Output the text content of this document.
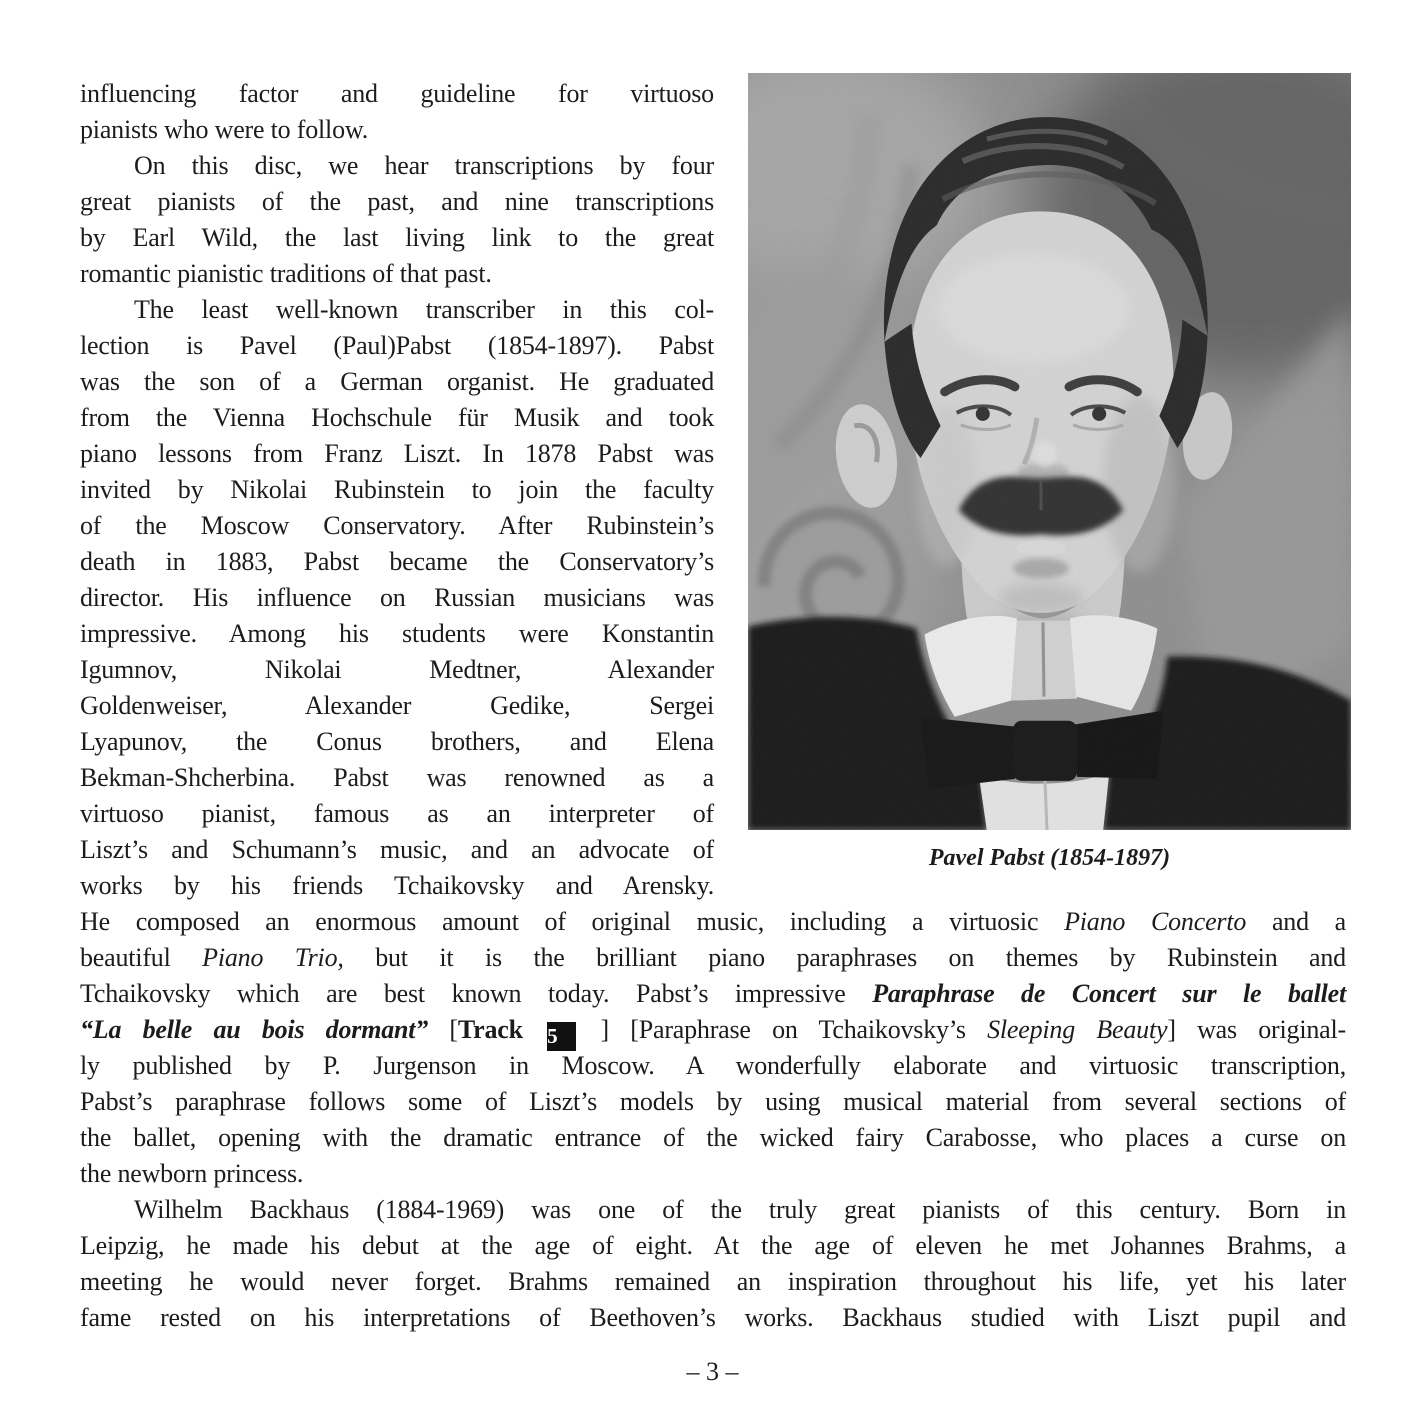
influencing factor and guideline for virtuoso
pianists who were to follow.
On this disc, we hear transcriptions by four
great pianists of the past, and nine transcriptions
by Earl Wild, the last living link to the great
romantic pianistic traditions of that past.
The least well-known transcriber in this col-
lection is Pavel (Paul)Pabst (1854-1897). Pabst
was the son of a German organist. He graduated
from the Vienna Hochschule für Musik and took
piano lessons from Franz Liszt. In 1878 Pabst was
invited by Nikolai Rubinstein to join the faculty
of the Moscow Conservatory. After Rubinstein’s
death in 1883, Pabst became the Conservatory’s
director. His influence on Russian musicians was
impressive. Among his students were Konstantin
Igumnov, Nikolai Medtner, Alexander
Goldenweiser, Alexander Gedike, Sergei
Lyapunov, the Conus brothers, and Elena
Bekman-Shcherbina. Pabst was renowned as a
virtuoso pianist, famous as an interpreter of
Liszt’s and Schumann’s music, and an advocate of
works by his friends Tchaikovsky and Arensky.
Pavel Pabst (1854-1897)
He composed an enormous amount of original music, including a virtuosic Piano Concerto and a
beautiful Piano Trio, but it is the brilliant piano paraphrases on themes by Rubinstein and
Tchaikovsky which are best known today. Pabst’s impressive Paraphrase de Concert sur le ballet
“La belle au bois dormant” [Track 5 ] [Paraphrase on Tchaikovsky’s Sleeping Beauty] was original-
ly published by P. Jurgenson in Moscow. A wonderfully elaborate and virtuosic transcription,
Pabst’s paraphrase follows some of Liszt’s models by using musical material from several sections of
the ballet, opening with the dramatic entrance of the wicked fairy Carabosse, who places a curse on
the newborn princess.
Wilhelm Backhaus (1884-1969) was one of the truly great pianists of this century. Born in
Leipzig, he made his debut at the age of eight. At the age of eleven he met Johannes Brahms, a
meeting he would never forget. Brahms remained an inspiration throughout his life, yet his later
fame rested on his interpretations of Beethoven’s works. Backhaus studied with Liszt pupil and
– 3 –
